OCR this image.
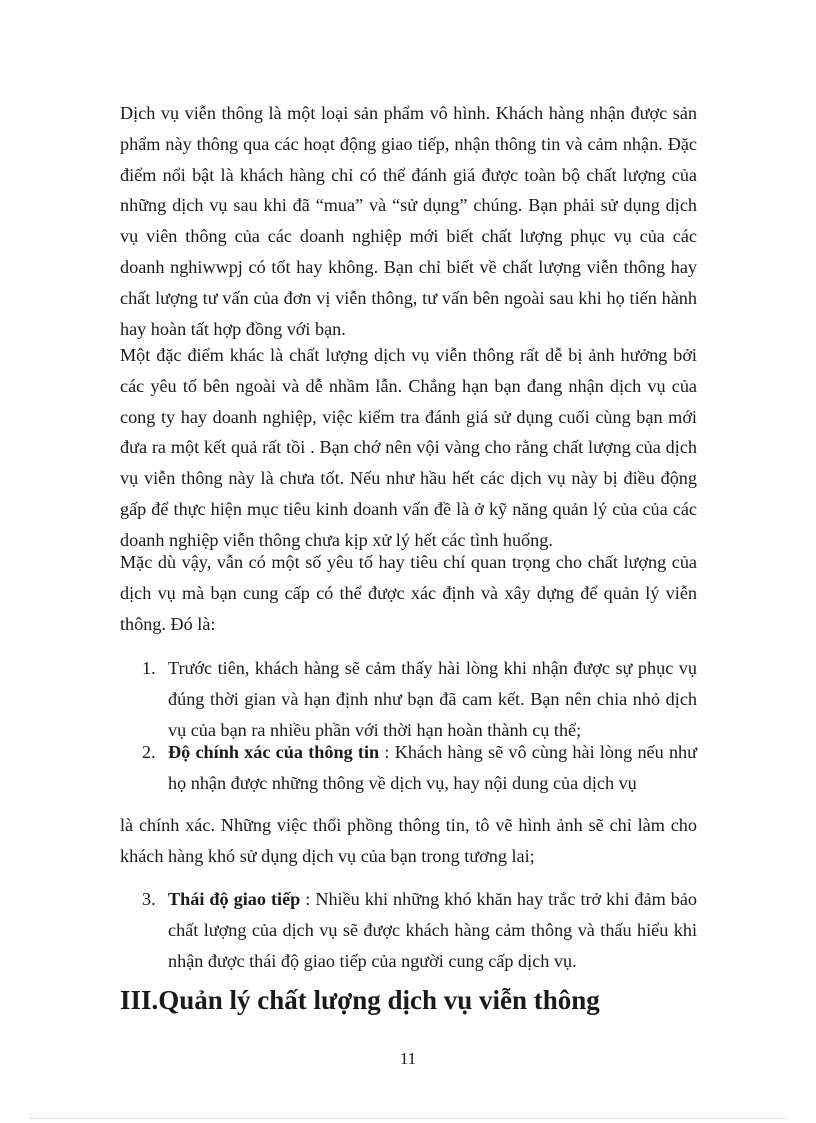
Dịch vụ viễn thông là một loại sản phẩm vô hình. Khách hàng nhận được sản phẩm này thông qua các hoạt động giao tiếp, nhận thông tin và cảm nhận. Đặc điểm nổi bật là khách hàng chỉ có thể đánh giá được toàn bộ chất lượng của những dịch vụ sau khi đã “mua” và “sử dụng” chúng. Bạn phải sử dụng dịch vụ viên thông của các doanh nghiệp mới biết chất lượng phục vụ của các doanh nghiwwpj có tốt hay không. Bạn chỉ biết về chất lượng viễn thông hay chất lượng tư vấn của đơn vị viễn thông, tư vấn bên ngoài sau khi họ tiến hành hay hoàn tất hợp đồng với bạn.

Một đặc điểm khác là chất lượng dịch vụ viễn thông rất dễ bị ảnh hưởng bởi các yêu tố bên ngoài và dễ nhầm lẫn. Chẳng hạn bạn đang nhận dịch vụ của cong ty hay doanh nghiệp, việc kiểm tra đánh giá sử dụng cuối cùng bạn mới đưa ra một kết quả rất tồi . Bạn chớ nên vội vàng cho rằng chất lượng của dịch vụ viễn thông này là chưa tốt. Nếu như hầu hết các dịch vụ này bị điều động gấp để thực hiện mục tiêu kinh doanh vấn đề là ở kỹ năng quản lý của của các doanh nghiệp viễn thông chưa kịp xử lý hết các tình huống.

Mặc dù vậy, vẫn có một số yêu tố hay tiêu chí quan trọng cho chất lượng của dịch vụ mà bạn cung cấp có thể được xác định và xây dựng để quản lý viễn thông. Đó là:

1. Trước tiên, khách hàng sẽ cảm thấy hài lòng khi nhận được sự phục vụ đúng thời gian và hạn định như bạn đã cam kết. Bạn nên chia nhỏ dịch vụ của bạn ra nhiều phần với thời hạn hoàn thành cụ thể;
2. Độ chính xác của thông tin : Khách hàng sẽ vô cùng hài lòng nếu như họ nhận được những thông về dịch vụ, hay nội dung của dịch vụ

là chính xác. Những việc thổi phồng thông tin, tô vẽ hình ảnh sẽ chỉ làm cho khách hàng khó sử dụng dịch vụ của bạn trong tương lai;

3. Thái độ giao tiếp : Nhiều khi những khó khăn hay trắc trở khi đảm bảo chất lượng của dịch vụ sẽ được khách hàng cảm thông và thấu hiểu khi nhận được thái độ giao tiếp của người cung cấp dịch vụ.
III.Quản lý chất lượng dịch vụ viễn thông
11
